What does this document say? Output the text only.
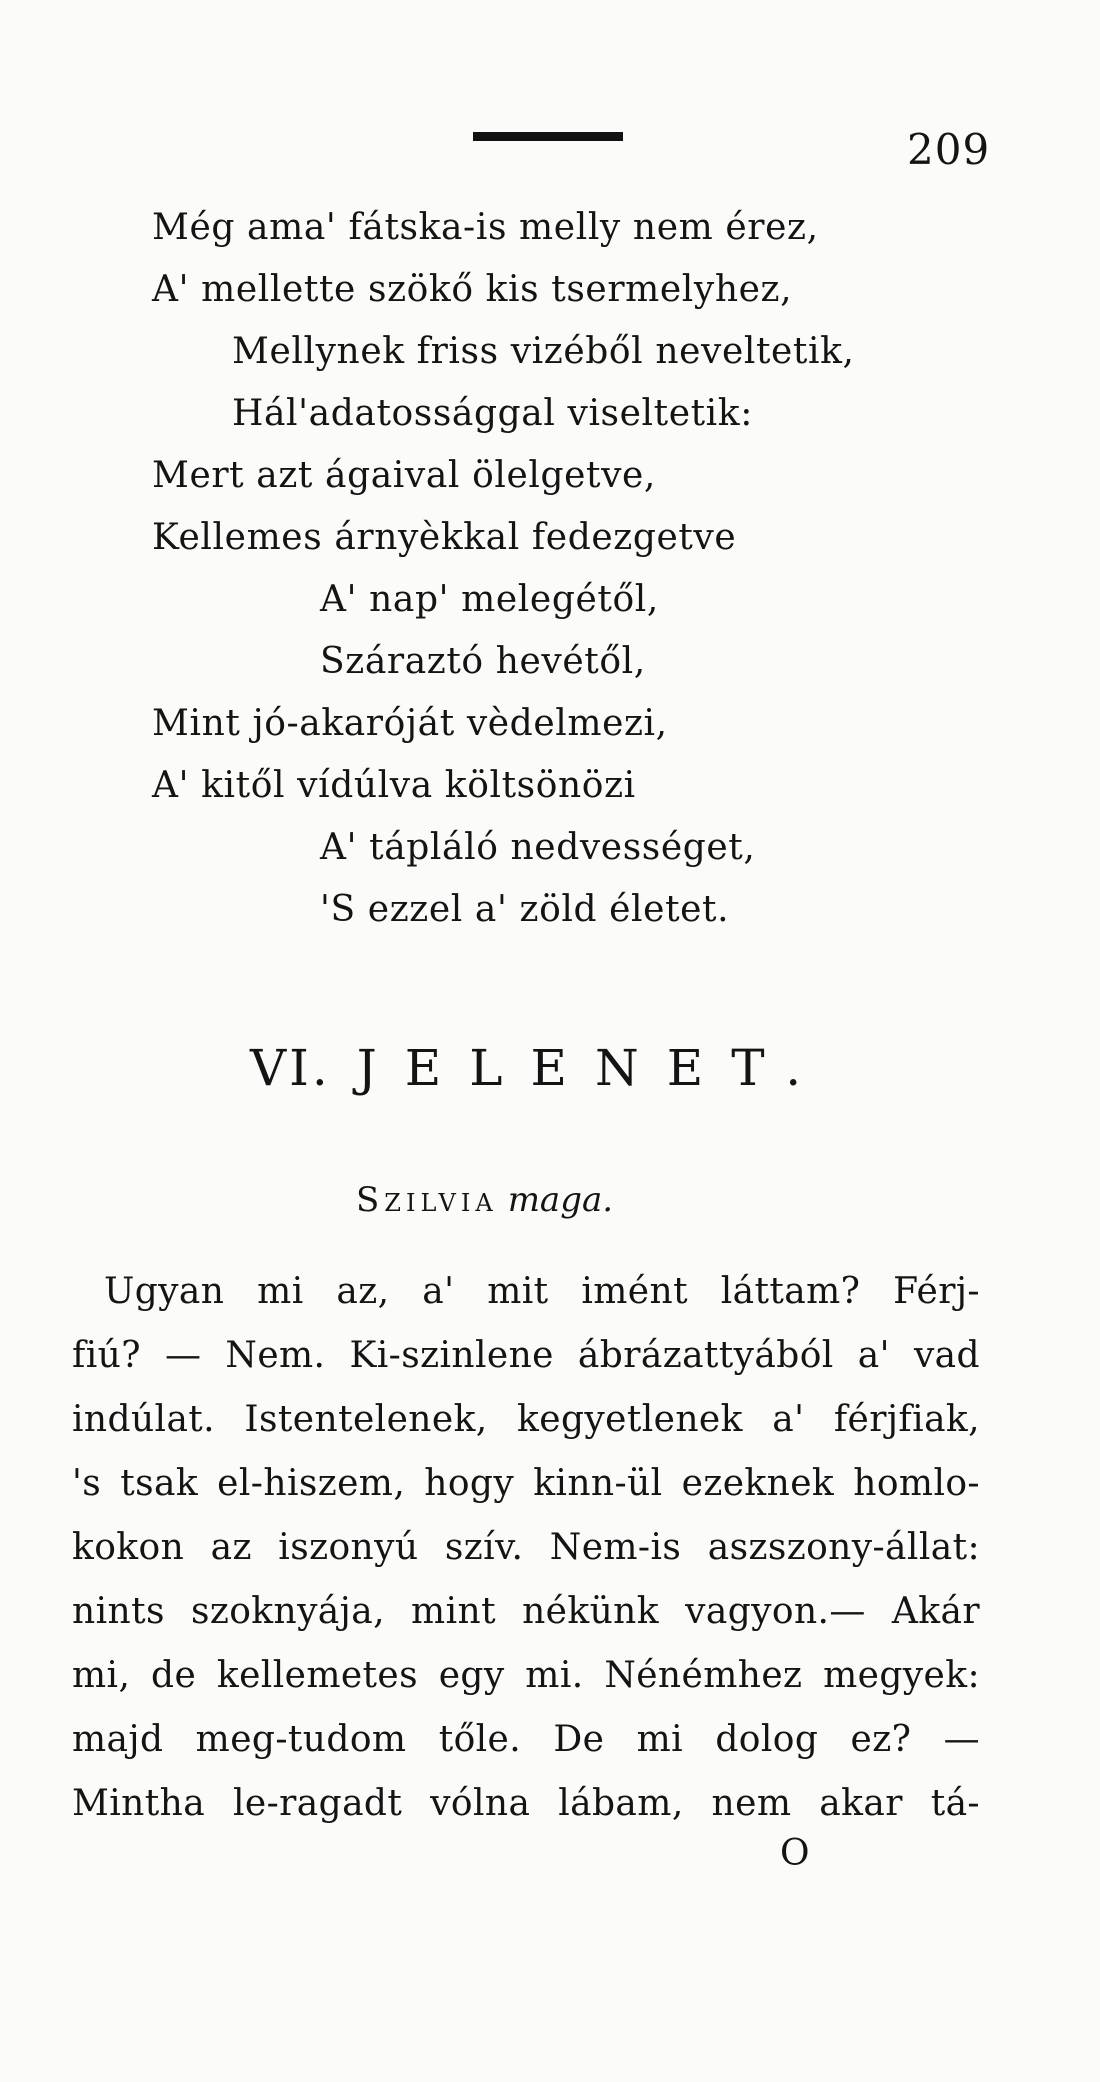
209
Még ama' fátska-is melly nem érez,
A' mellette szökő kis tsermelyhez,
Mellynek friss vizéből neveltetik,
Hál'adatossággal viseltetik:
Mert azt ágaival ölelgetve,
Kellemes árnyèkkal fedezgetve
A' nap' melegétől,
Száraztó hevétől,
Mint jó-akaróját vèdelmezi,
A' kitől vídúlva költsönözi
A' tápláló nedvességet,
'S ezzel a' zöld életet.
VI. JELENET.
Szilvia maga.
Ugyan mi az, a' mit imént láttam? Férj-
fiú? — Nem. Ki-szinlene ábrázattyából a' vad
indúlat. Istentelenek, kegyetlenek a' férjfiak,
's tsak el-hiszem, hogy kinn-ül ezeknek homlo-
kokon az iszonyú szív. Nem-is aszszony-állat:
nints szoknyája, mint nékünk vagyon.— Akár
mi, de kellemetes egy mi. Nénémhez megyek:
majd meg-tudom tőle. De mi dolog ez? —
Mintha le-ragadt vólna lábam, nem akar tá-
O
